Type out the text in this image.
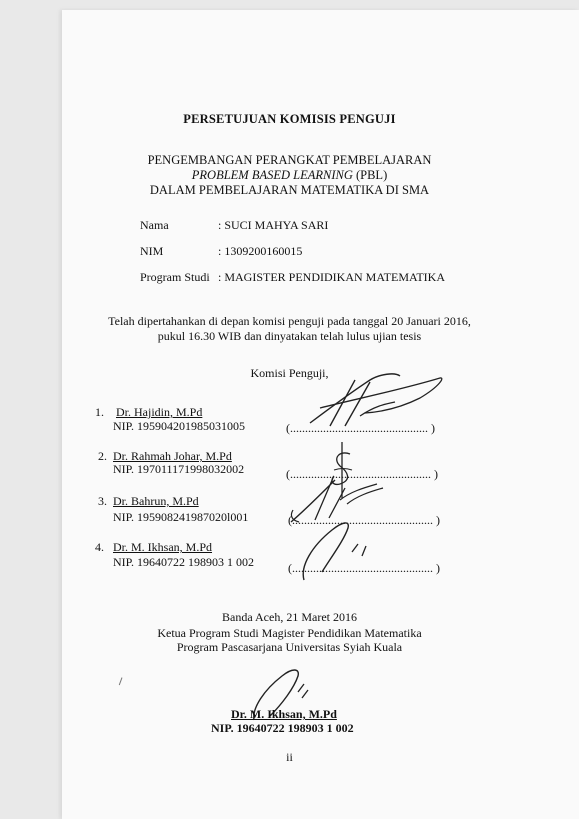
PERSETUJUAN KOMISIS PENGUJI
PENGEMBANGAN PERANGKAT PEMBELAJARAN
PROBLEM BASED LEARNING (PBL)
DALAM PEMBELAJARAN MATEMATIKA DI SMA
Nama	: SUCI MAHYA SARI
NIM	: 1309200160015
Program Studi : MAGISTER PENDIDIKAN MATEMATIKA
Telah dipertahankan di depan komisi penguji pada tanggal 20 Januari 2016,
pukul 16.30 WIB dan dinyatakan telah lulus ujian tesis
Komisi Penguji,
1. Dr. Hajidin, M.Pd
NIP. 195904201985031005	(.............................................. )
2. Dr. Rahmah Johar, M.Pd
NIP. 197011171998032002	(............................................... )
3. Dr. Bahrun, M.Pd
NIP. 195908241987020l001	(............................................... )
4. Dr. M. Ikhsan, M.Pd
NIP. 19640722 198903 1 002	(............................................... )
Banda Aceh, 21 Maret 2016
Ketua Program Studi Magister Pendidikan Matematika
Program Pascasarjana Universitas Syiah Kuala
Dr. M. Ikhsan, M.Pd
NIP. 19640722 198903 1 002
ii
